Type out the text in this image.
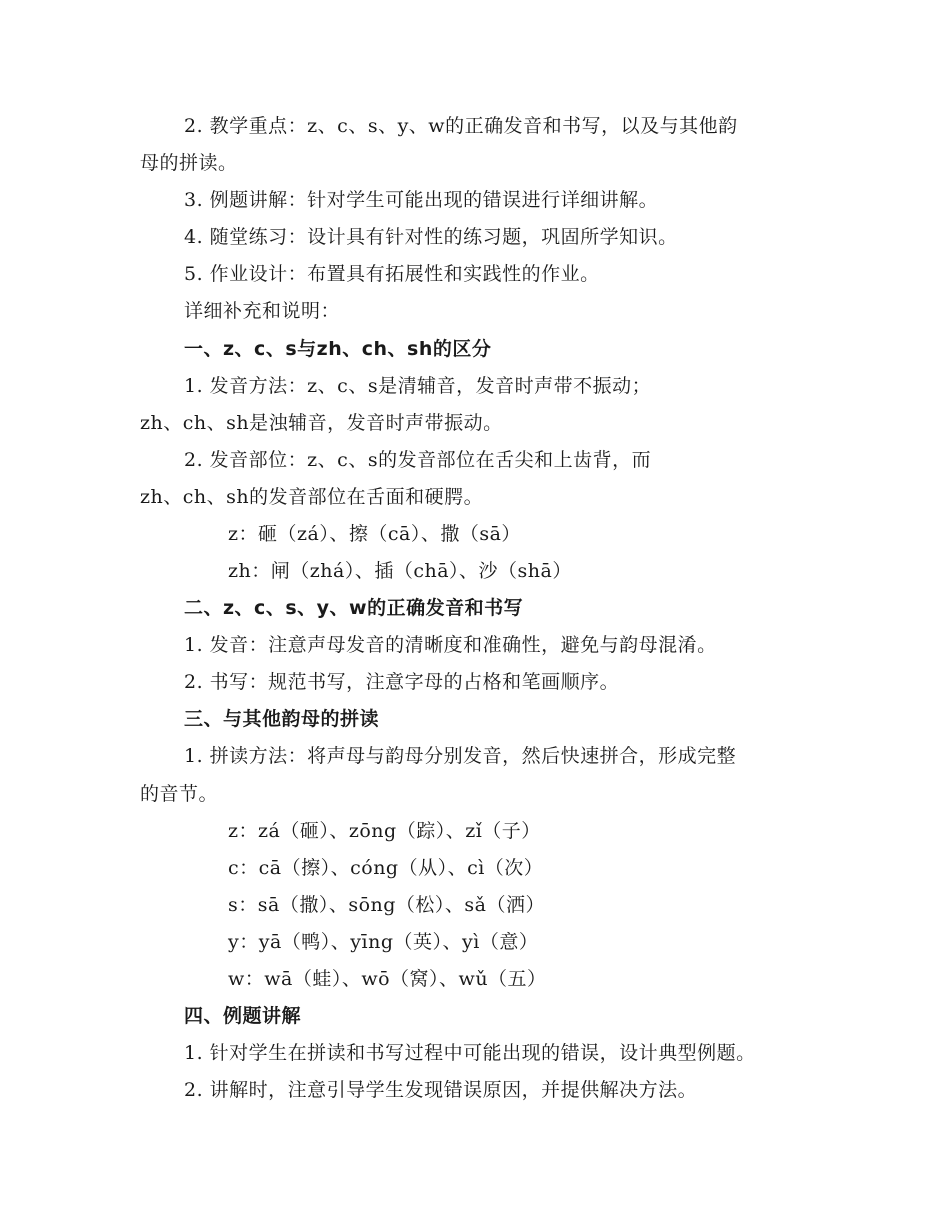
2. 教学重点：z、c、s、y、w的正确发音和书写，以及与其他韵
母的拼读。
3. 例题讲解：针对学生可能出现的错误进行详细讲解。
4. 随堂练习：设计具有针对性的练习题，巩固所学知识。
5. 作业设计：布置具有拓展性和实践性的作业。
详细补充和说明：
一、z、c、s与zh、ch、sh的区分
1. 发音方法：z、c、s是清辅音，发音时声带不振动；
zh、ch、sh是浊辅音，发音时声带振动。
2. 发音部位：z、c、s的发音部位在舌尖和上齿背，而
zh、ch、sh的发音部位在舌面和硬腭。
z：砸（zá）、擦（cā）、撒（sā）
zh：闸（zhá）、插（chā）、沙（shā）
二、z、c、s、y、w的正确发音和书写
1. 发音：注意声母发音的清晰度和准确性，避免与韵母混淆。
2. 书写：规范书写，注意字母的占格和笔画顺序。
三、与其他韵母的拼读
1. 拼读方法：将声母与韵母分别发音，然后快速拼合，形成完整
的音节。
z：zá（砸）、zōng（踪）、zǐ（子）
c：cā（擦）、cóng（从）、cì（次）
s：sā（撒）、sōng（松）、sǎ（洒）
y：yā（鸭）、yīng（英）、yì（意）
w：wā（蛙）、wō（窝）、wǔ（五）
四、例题讲解
1. 针对学生在拼读和书写过程中可能出现的错误，设计典型例题。
2. 讲解时，注意引导学生发现错误原因，并提供解决方法。
